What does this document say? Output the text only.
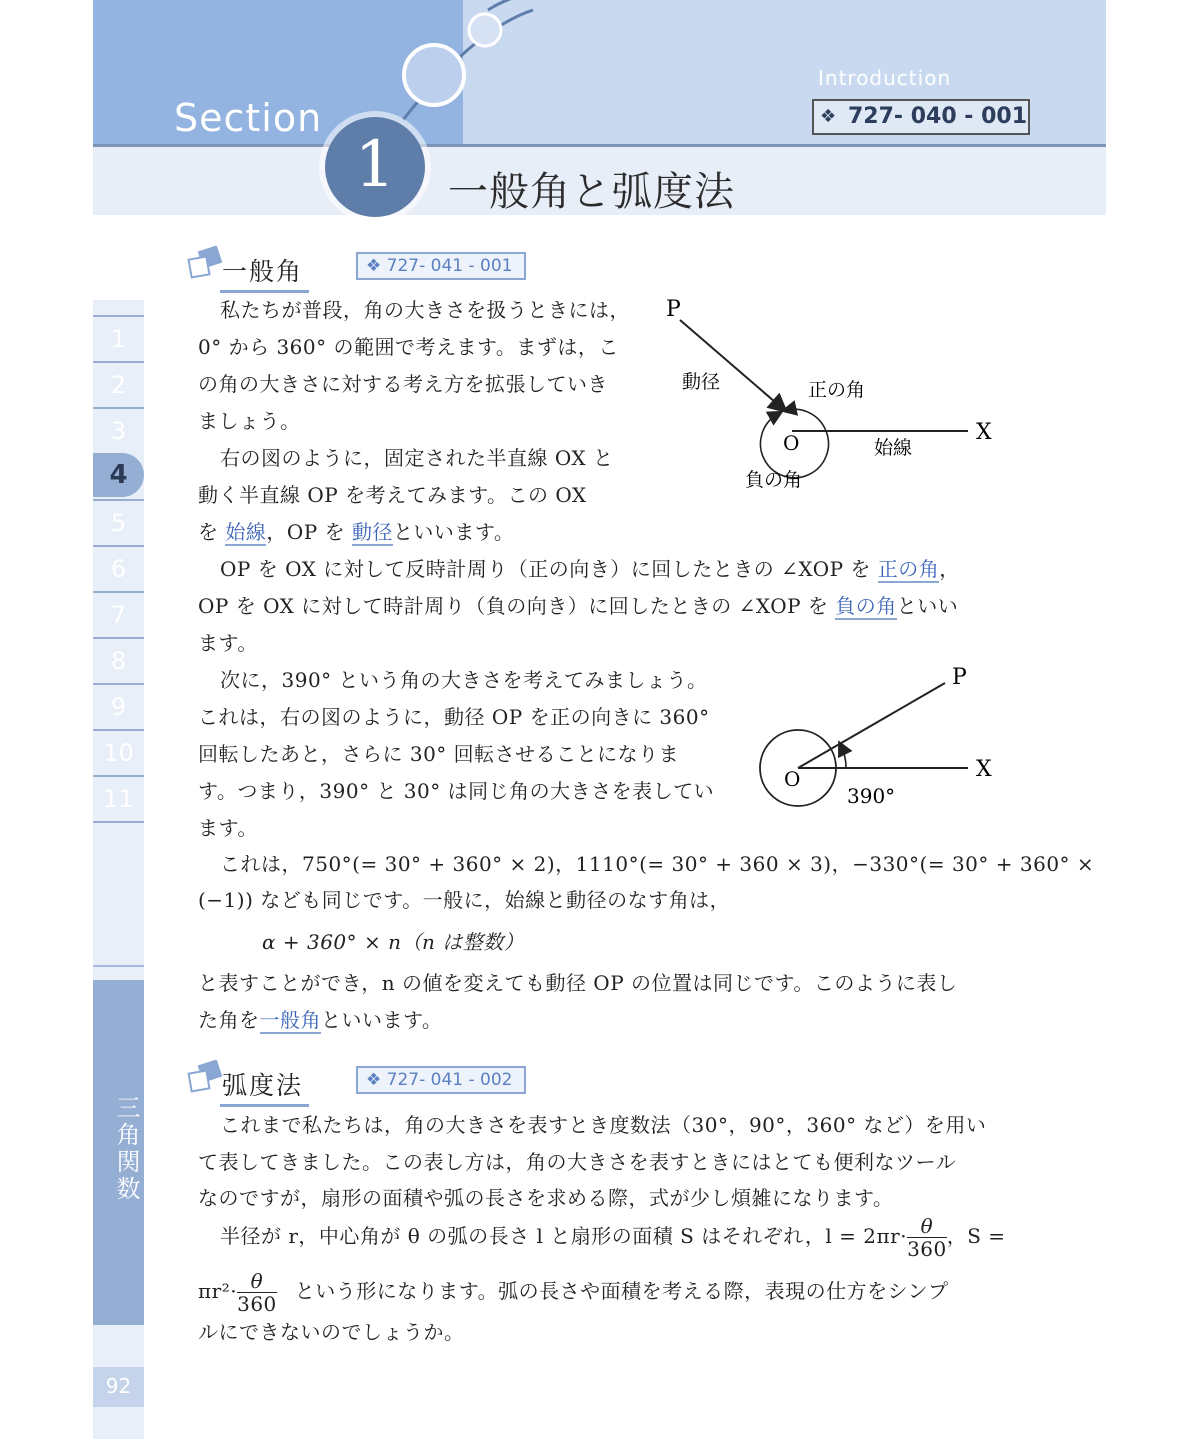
Section
1	一般角と弧度法
Introduction
❖ 727- 040 - 001
1
2
3
4
5
6
7
8
9
10
11
三角関数
92
一般角	❖ 727- 041 - 001
私たちが普段，角の大きさを扱うときには，
0° から 360° の範囲で考えます。まずは，こ
の角の大きさに対する考え方を拡張していき
ましょう。
右の図のように，固定された半直線 OX と
動く半直線 OP を考えてみます。この OX
を 始線，OP を 動径といいます。
P
動径	正の角
O	始線
X
負の角
OP を OX に対して反時計周り（正の向き）に回したときの ∠XOP を 正の角，
OP を OX に対して時計周り（負の向き）に回したときの ∠XOP を 負の角といい
ます。
次に，390° という角の大きさを考えてみましょう。
これは，右の図のように，動径 OP を正の向きに 360°
回転したあと，さらに 30° 回転させることになりま
す。つまり，390° と 30° は同じ角の大きさを表してい
ます。
P
O	X
390°
これは，750°(= 30° + 360° × 2)，1110°(= 30° + 360 × 3)，−330°(= 30° + 360° ×
(−1)) なども同じです。一般に，始線と動径のなす角は，
α + 360° × n（n は整数）
と表すことができ，n の値を変えても動径 OP の位置は同じです。このように表し
た角を一般角といいます。
弧度法	❖ 727- 041 - 002
これまで私たちは，角の大きさを表すとき度数法（30°，90°，360° など）を用い
て表してきました。この表し方は，角の大きさを表すときにはとても便利なツール
なのですが，扇形の面積や弧の長さを求める際，式が少し煩雑になります。
半径が r，中心角が θ の弧の長さ l と扇形の面積 S はそれぞれ，$l = 2\pi r\cdot \frac{\theta}{360}$ ，S =
$\pi r^2\cdot \frac{\theta}{360}$ という形になります。弧の長さや面積を考える際，表現の仕方をシンプ
ルにできないのでしょうか。
